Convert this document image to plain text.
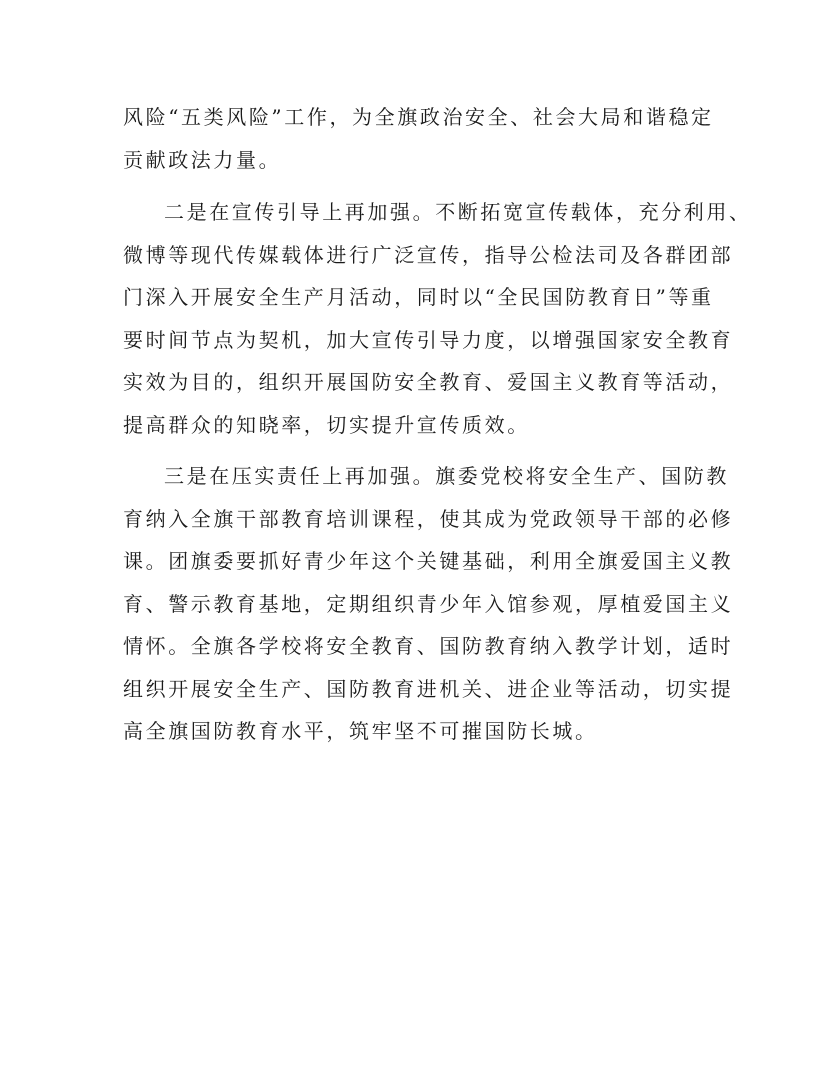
风险“五类风险”工作，为全旗政治安全、社会大局和谐稳定
贡献政法力量。
二是在宣传引导上再加强。不断拓宽宣传载体，充分利用、
微博等现代传媒载体进行广泛宣传，指导公检法司及各群团部
门深入开展安全生产月活动，同时以“全民国防教育日”等重
要时间节点为契机，加大宣传引导力度，以增强国家安全教育
实效为目的，组织开展国防安全教育、爱国主义教育等活动，
提高群众的知晓率，切实提升宣传质效。
三是在压实责任上再加强。旗委党校将安全生产、国防教
育纳入全旗干部教育培训课程，使其成为党政领导干部的必修
课。团旗委要抓好青少年这个关键基础，利用全旗爱国主义教
育、警示教育基地，定期组织青少年入馆参观，厚植爱国主义
情怀。全旗各学校将安全教育、国防教育纳入教学计划，适时
组织开展安全生产、国防教育进机关、进企业等活动，切实提
高全旗国防教育水平，筑牢坚不可摧国防长城。
